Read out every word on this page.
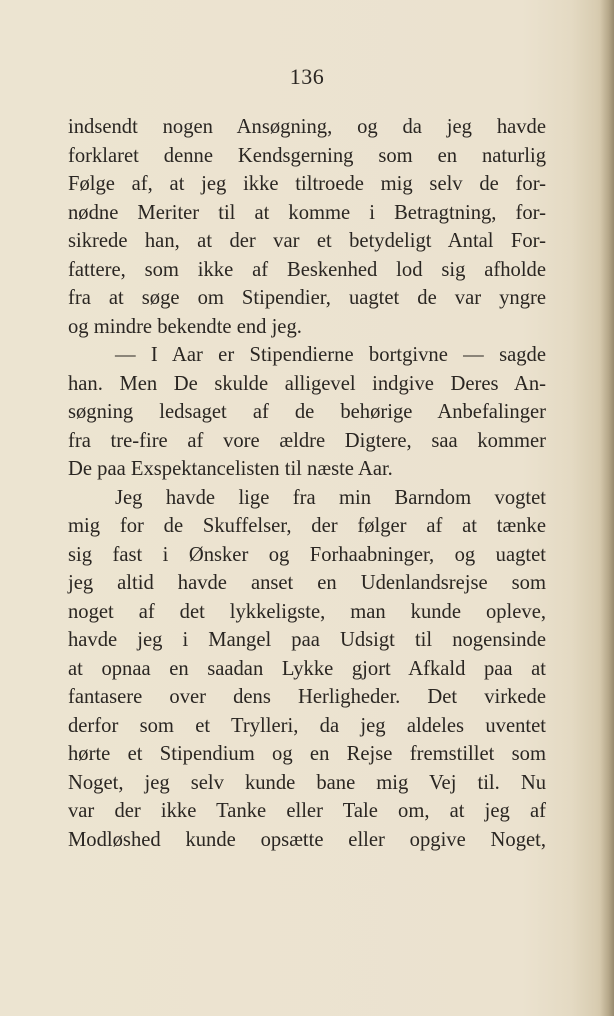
136
indsendt nogen Ansøgning, og da jeg havde
forklaret denne Kendsgerning som en naturlig
Følge af, at jeg ikke tiltroede mig selv de for-
nødne Meriter til at komme i Betragtning, for-
sikrede han, at der var et betydeligt Antal For-
fattere, som ikke af Beskenhed lod sig afholde
fra at søge om Stipendier, uagtet de var yngre
og mindre bekendte end jeg.
— I Aar er Stipendierne bortgivne — sagde
han. Men De skulde alligevel indgive Deres An-
søgning ledsaget af de behørige Anbefalinger
fra tre-fire af vore ældre Digtere, saa kommer
De paa Exspektancelisten til næste Aar.
Jeg havde lige fra min Barndom vogtet
mig for de Skuffelser, der følger af at tænke
sig fast i Ønsker og Forhaabninger, og uagtet
jeg altid havde anset en Udenlandsrejse som
noget af det lykkeligste, man kunde opleve,
havde jeg i Mangel paa Udsigt til nogensinde
at opnaa en saadan Lykke gjort Afkald paa at
fantasere over dens Herligheder. Det virkede
derfor som et Trylleri, da jeg aldeles uventet
hørte et Stipendium og en Rejse fremstillet som
Noget, jeg selv kunde bane mig Vej til. Nu
var der ikke Tanke eller Tale om, at jeg af
Modløshed kunde opsætte eller opgive Noget,
